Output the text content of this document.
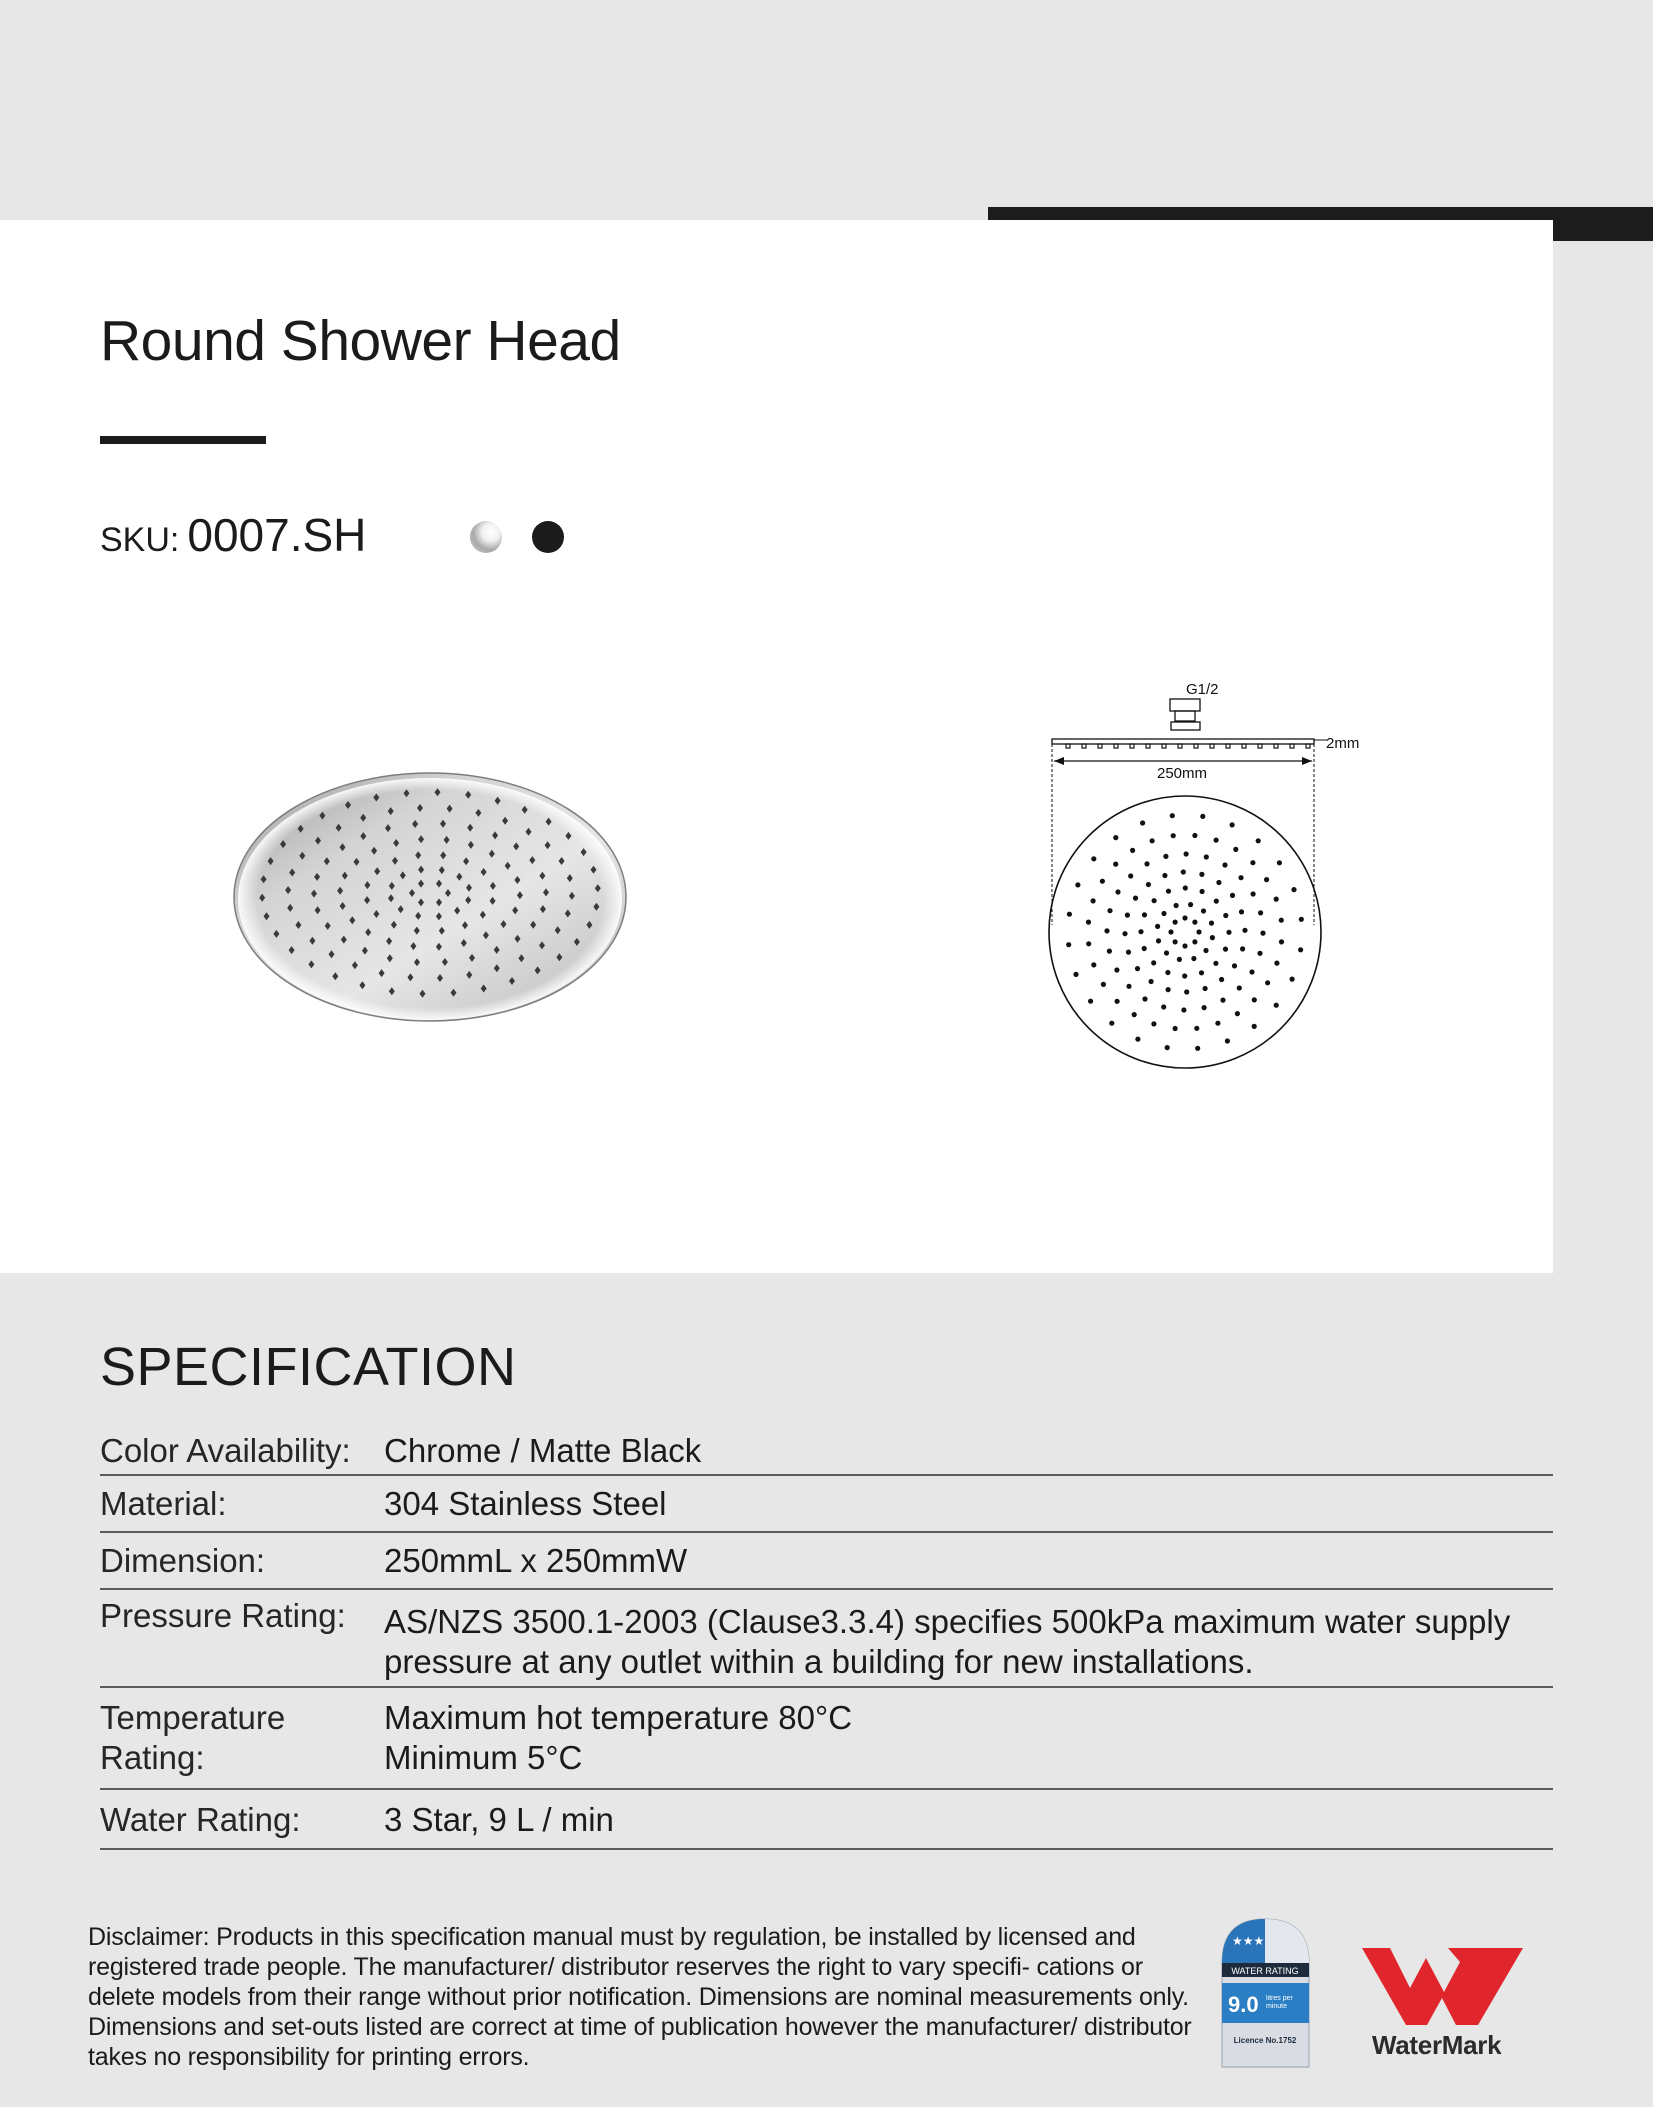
Round Shower Head
SKU: 0007.SH
G1/2
2mm
250mm
SPECIFICATION
Color Availability: Chrome / Matte Black
Material:	304 Stainless Steel
Dimension:	250mmL x 250mmW
Pressure Rating:	AS/NZS 3500.1-2003 (Clause3.3.4) specifies 500kPa maximum water supply pressure at any outlet within a building for new installations.
Temperature Rating:
Maximum hot temperature 80°C
Minimum 5°C
Water Rating:	3 Star, 9 L / min

Disclaimer: Products in this specification manual must by regulation, be installed by licensed and registered trade people. The manufacturer/ distributor reserves the right to vary specifi- cations or delete models from their range without prior notification. Dimensions are nominal measurements only. Dimensions and set-outs listed are correct at time of publication however the manufacturer/ distributor takes no responsibility for printing errors.

★★★
WATER RATING
9.0 litres per minute
Licence No.1752	WaterMark
